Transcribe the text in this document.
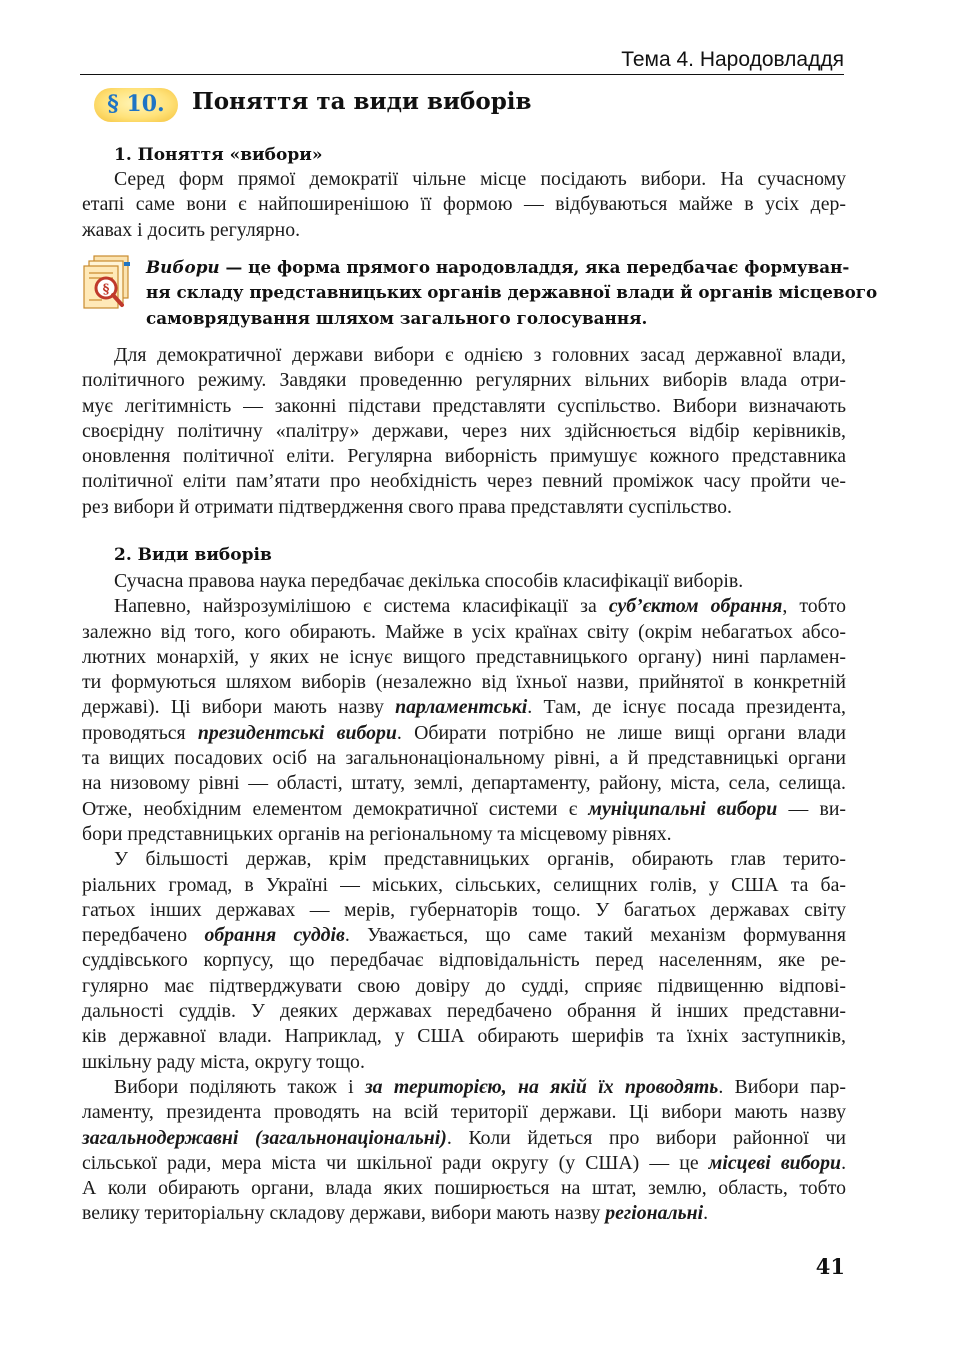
Тема 4. Народовладдя
§ 10.	Поняття та види виборів
1. Поняття «вибори»
Серед форм прямої демократії чільне місце посідають вибори. На сучасному
етапі саме вони є найпоширенішою її формою — відбуваються майже в усіх дер-
жавах і досить регулярно.
§
Вибори — це форма прямого народовладдя, яка передбачає формуван-
ня складу представницьких органів державної влади й органів місцевого
самоврядування шляхом загального голосування.
Для демократичної держави вибори є однією з головних засад державної влади,
політичного режиму. Завдяки проведенню регулярних вільних виборів влада отри-
мує легітимність — законні підстави представляти суспільство. Вибори визначають
своєрідну політичну «палітру» держави, через них здійснюється відбір керівників,
оновлення політичної еліти. Регулярна виборність примушує кожного представника
політичної еліти пам’ятати про необхідність через певний проміжок часу пройти че-
рез вибори й отримати підтвердження свого права представляти суспільство.
2. Види виборів
Сучасна правова наука передбачає декілька способів класифікації виборів.
Напевно, найзрозумілішою є система класифікації за суб’єктом обрання, тобто
залежно від того, кого обирають. Майже в усіх країнах світу (окрім небагатьох абсо-
лютних монархій, у яких не існує вищого представницького органу) нині парламен-
ти формуються шляхом виборів (незалежно від їхньої назви, прийнятої в конкретній
державі). Ці вибори мають назву парламентські. Там, де існує посада президента,
проводяться президентські вибори. Обирати потрібно не лише вищі органи влади
та вищих посадових осіб на загальнонаціональному рівні, а й представницькі органи
на низовому рівні — області, штату, землі, департаменту, району, міста, села, селища.
Отже, необхідним елементом демократичної системи є муніципальні вибори — ви-
бори представницьких органів на регіональному та місцевому рівнях.
У більшості держав, крім представницьких органів, обирають глав терито-
ріальних громад, в Україні — міських, сільських, селищних голів, у США та ба-
гатьох інших державах — мерів, губернаторів тощо. У багатьох державах світу
передбачено обрання суддів. Уважається, що саме такий механізм формування
суддівського корпусу, що передбачає відповідальність перед населенням, яке ре-
гулярно має підтверджувати свою довіру до судді, сприяє підвищенню відпові-
дальності суддів. У деяких державах передбачено обрання й інших представни-
ків державної влади. Наприклад, у США обирають шерифів та їхніх заступників,
шкільну раду міста, округу тощо.
Вибори поділяють також і за територією, на якій їх проводять. Вибори пар-
ламенту, президента проводять на всій території держави. Ці вибори мають назву
загальнодержавні (загальнонаціональні). Коли йдеться про вибори районної чи
сільської ради, мера міста чи шкільної ради округу (у США) — це місцеві вибори.
А коли обирають органи, влада яких поширюється на штат, землю, область, тобто
велику територіальну складову держави, вибори мають назву регіональні.
41
